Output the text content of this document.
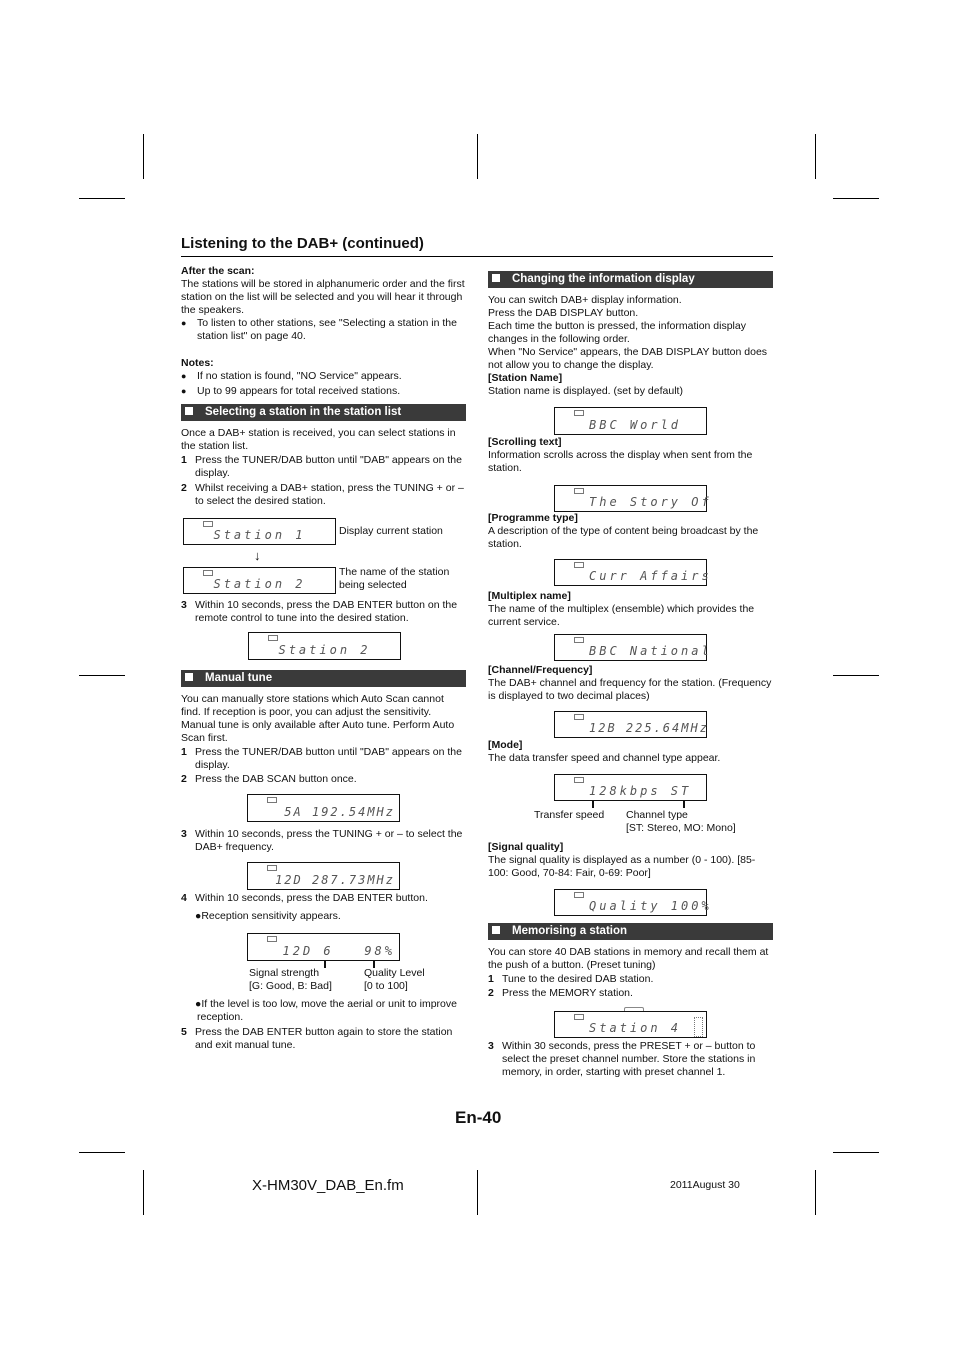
Listening to the DAB+ (continued)

After the scan:

The stations will be stored in alphanumeric order and the first station on the list will be selected and you will hear it through the speakers.

● To listen to other stations, see "Selecting a station in the station list" on page 40.

Notes:

● If no station is found, "NO Service" appears.

● Up to 99 appears for total received stations.

Selecting a station in the station list

Once a DAB+ station is received, you can select stations in the station list.

1 Press the TUNER/DAB button until "DAB" appears on the display.

2 Whilst receiving a DAB+ station, press the TUNING + or – to select the desired station.

Station 1	Display current station
↓
Station 2
The name of the station being selected

3 Within 10 seconds, press the DAB ENTER button on the remote control to tune into the desired station.

Station 2
Manual tune

You can manually store stations which Auto Scan cannot find. If reception is poor, you can adjust the sensitivity. Manual tune is only available after Auto tune. Perform Auto Scan first.

1 Press the TUNER/DAB button until "DAB" appears on the display.

2 Press the DAB SCAN button once.

5A 192.54MHz

3 Within 10 seconds, press the TUNING + or – to select the DAB+ frequency.

12D 287.73MHz

4 Within 10 seconds, press the DAB ENTER button.

●Reception sensitivity appears.

12D 6   98%
Signal strength
[G: Good, B: Bad]
Quality Level
[0 to 100]

●If the level is too low, move the aerial or unit to improve reception.

5 Press the DAB ENTER button again to store the station and exit manual tune.

Changing the information display

You can switch DAB+ display information.

Press the DAB DISPLAY button.

Each time the button is pressed, the information display changes in the following order.

When "No Service" appears, the DAB DISPLAY button does not allow you to change the display.

[Station Name]

Station name is displayed. (set by default)

BBC World

[Scrolling text]

Information scrolls across the display when sent from the station.

The Story Of

[Programme type]

A description of the type of content being broadcast by the station.

Curr Affairs

[Multiplex name]

The name of the multiplex (ensemble) which provides the current service.

BBC National

[Channel/Frequency]

The DAB+ channel and frequency for the station. (Frequency is displayed to two decimal places)

12B 225.64MHz

[Mode]

The data transfer speed and channel type appear.

128kbps ST
Transfer speed Channel type
[ST: Stereo, MO: Mono]

[Signal quality]

The signal quality is displayed as a number (0 - 100). [85-100: Good, 70-84: Fair, 0-69: Poor]

Quality 100%
Memorising a station

You can store 40 DAB stations in memory and recall them at the push of a button. (Preset tuning)

1 Tune to the desired DAB station.

2 Press the MEMORY station.

Station 4

3 Within 30 seconds, press the PRESET + or – button to select the preset channel number. Store the stations in memory, in order, starting with preset channel 1.

En-40
X-HM30V_DAB_En.fm	2011August 30
